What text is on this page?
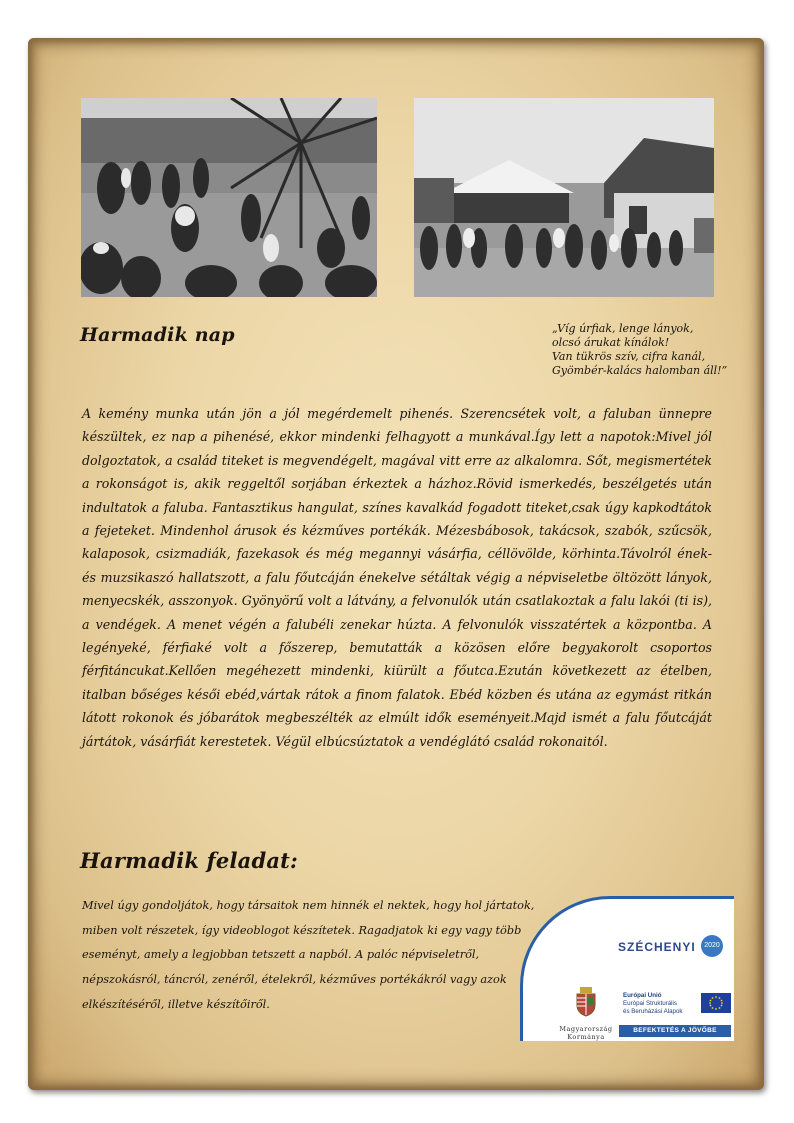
Harmadik nap	„Víg úrfiak, lenge lányok,
olcsó árukat kínálok!
Van tükrös szív, cifra kanál,
Gyömbér-kalács halomban áll!”
A kemény munka után jön a jól megérdemelt pihenés. Szerencsétek volt, a faluban ünnepre készültek, ez nap a pihenésé, ekkor mindenki felhagyott a munkával.Így lett a napotok:Mivel jól dolgoztatok, a család titeket is megvendégelt, magával vitt erre az alkalomra. Sőt, megismertétek a rokonságot is, akik reggeltől sorjában érkeztek a házhoz.Rövid ismerkedés, beszélgetés után indultatok a faluba. Fantasztikus hangulat, színes kavalkád fogadott titeket,csak úgy kapkodtátok a fejeteket. Mindenhol árusok és kézműves portékák. Mézesbábosok, takácsok, szabók, szűcsök, kalaposok, csizmadiák, fazekasok és még megannyi vásárfia, céllövölde, körhinta.Távolról ének- és muzsikaszó hallatszott, a falu főutcáján énekelve sétáltak végig a népviseletbe öltözött lányok, menyecskék, asszonyok. Gyönyörű volt a látvány, a felvonulók után csatlakoztak a falu lakói (ti is), a vendégek. A menet végén a falubéli zenekar húzta. A felvonulók visszatértek a központba. A legényeké, férfiaké volt a főszerep, bemutatták a közösen előre begyakorolt csoportos férfitáncukat.Kellően megéhezett mindenki, kiürült a főutca.Ezután következett az ételben, italban bőséges késői ebéd,vártak rátok a finom falatok. Ebéd közben és utána az egymást ritkán látott rokonok és jóbarátok megbeszélték az elmúlt idők eseményeit.Majd ismét a falu főutcáját jártátok, vásárfiát kerestetek. Végül elbúcsúztatok a vendéglátó család rokonaitól.
Harmadik feladat:
Mivel úgy gondoljátok, hogy társaitok nem hinnék el nektek, hogy hol jártatok, miben volt részetek, így videoblogot készítetek. Ragadjatok ki egy vagy több eseményt, amely a legjobban tetszett a napból. A palóc népviseletről, népszokásról, táncról, zenéről, ételekről, kézműves portékákról vagy azok elkészítéséről, illetve készítőiről.
SZÉCHENYI	2020
Magyarország
Kormánya
Európai Unió
Európai Strukturális
és Beruházási Alapok
BEFEKTETÉS A JÖVŐBE
